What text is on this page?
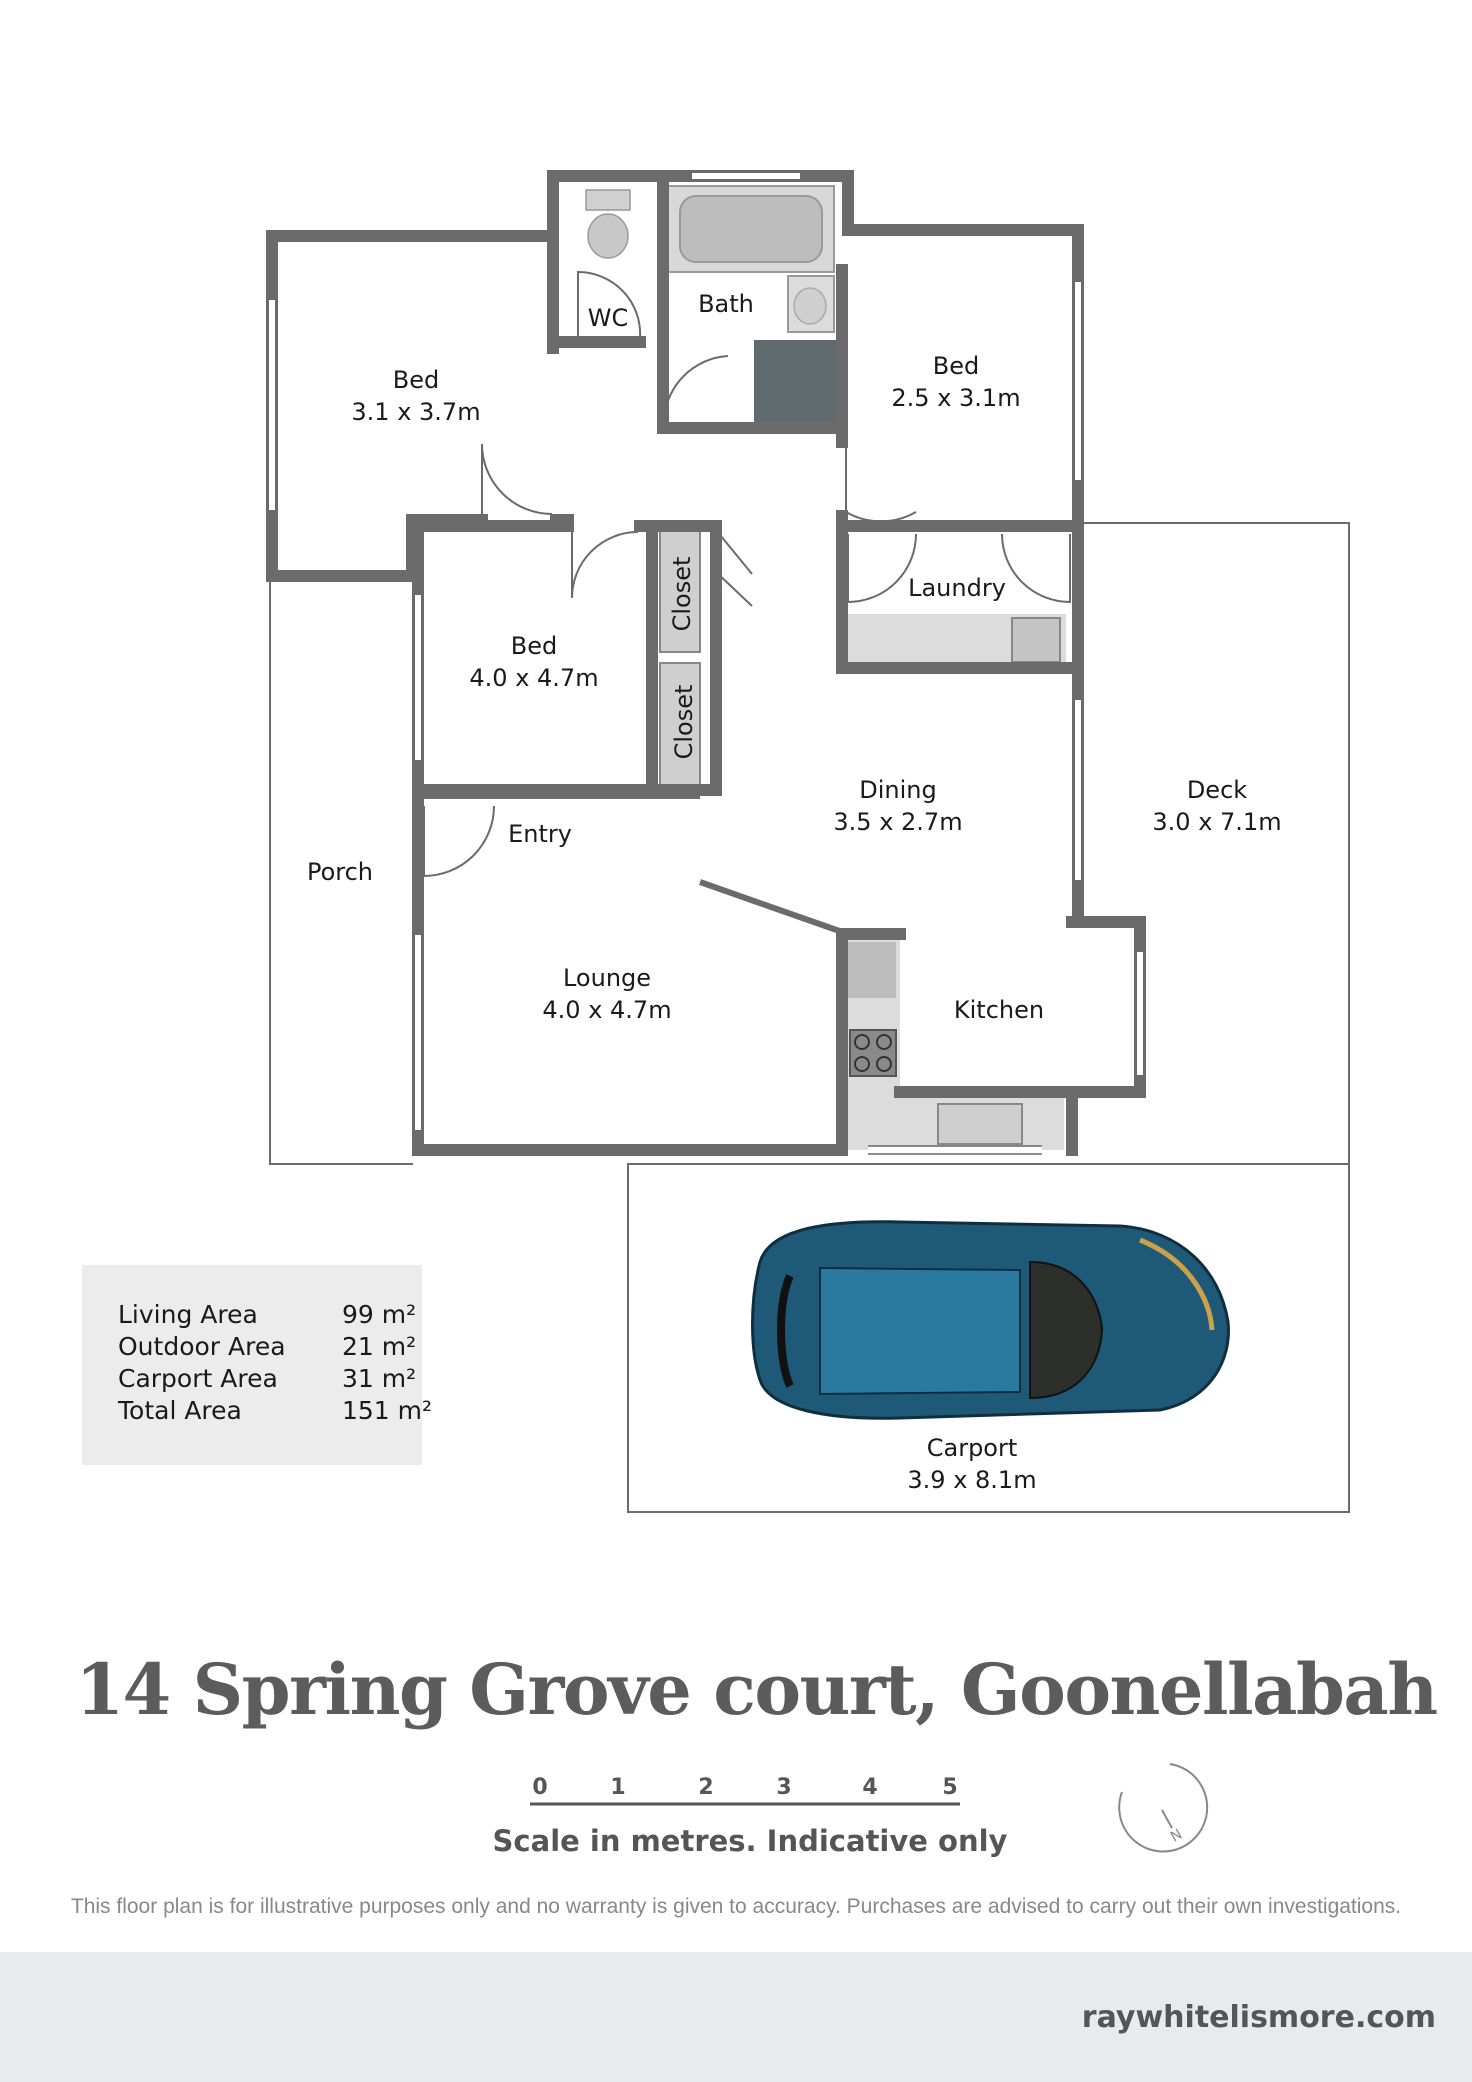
Bed
3.1 x 3.7m
WC	Bath
Bed
2.5 x 3.1m
Closet
Closet
Laundry
Bed
4.0 x 4.7m
Dining
3.5 x 2.7m
Deck
3.0 x 7.1m
Entry
Porch
Lounge
4.0 x 4.7m	Kitchen
Carport
3.9 x 8.1m
Living Area	99 m²
Outdoor Area 21 m²
Carport Area	31 m²
Total Area	151 m²
14 Spring Grove court, Goonellabah
0	1	2	3	4	5
Scale in metres. Indicative only	N
This floor plan is for illustrative purposes only and no warranty is given to accuracy. Purchases are advised to carry out their own investigations.
raywhitelismore.com
